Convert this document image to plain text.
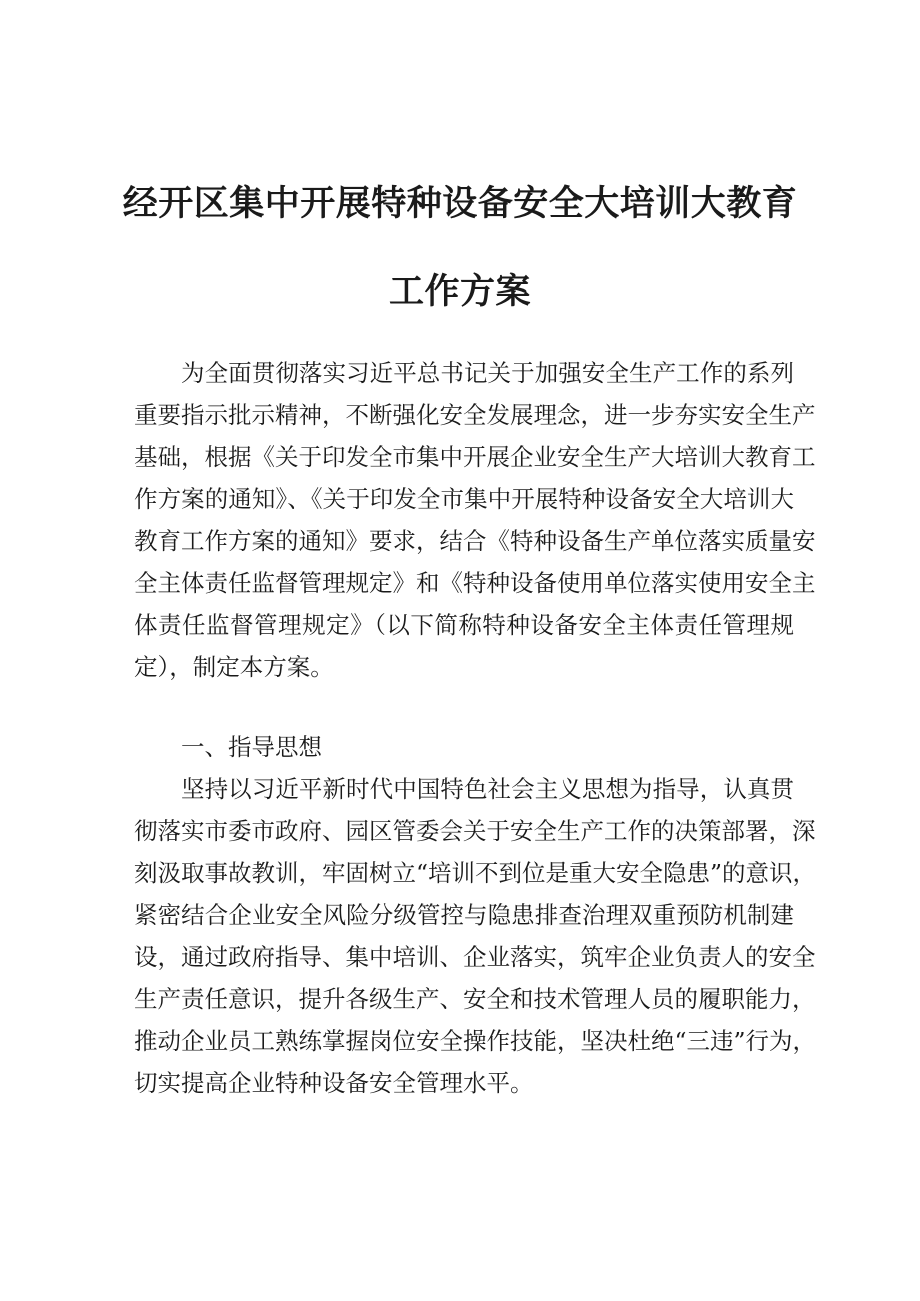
经开区集中开展特种设备安全大培训大教育
工作方案

为全面贯彻落实习近平总书记关于加强安全生产工作的系列
重要指示批示精神，不断强化安全发展理念，进一步夯实安全生产
基础，根据《关于印发全市集中开展企业安全生产大培训大教育工
作方案的通知》、《关于印发全市集中开展特种设备安全大培训大
教育工作方案的通知》要求，结合《特种设备生产单位落实质量安
全主体责任监督管理规定》和《特种设备使用单位落实使用安全主
体责任监督管理规定》（以下简称特种设备安全主体责任管理规
定），制定本方案。

一、指导思想

坚持以习近平新时代中国特色社会主义思想为指导，认真贯
彻落实市委市政府、园区管委会关于安全生产工作的决策部署，深
刻汲取事故教训，牢固树立“培训不到位是重大安全隐患”的意识，
紧密结合企业安全风险分级管控与隐患排查治理双重预防机制建
设，通过政府指导、集中培训、企业落实，筑牢企业负责人的安全
生产责任意识，提升各级生产、安全和技术管理人员的履职能力，
推动企业员工熟练掌握岗位安全操作技能，坚决杜绝“三违”行为，
切实提高企业特种设备安全管理水平。
